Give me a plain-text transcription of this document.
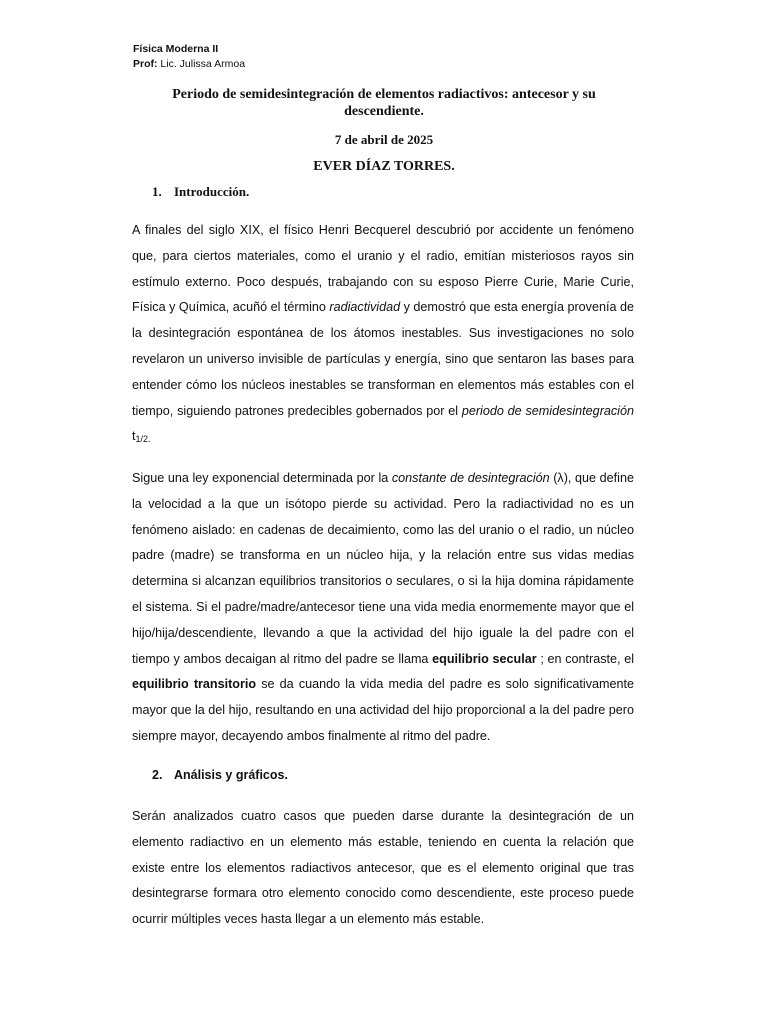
Física Moderna II
Prof: Lic. Julissa Armoa
Periodo de semidesintegración de elementos radiactivos: antecesor y su descendiente.
7 de abril de 2025
EVER DÍAZ TORRES.
1. Introducción.
A finales del siglo XIX, el físico Henri Becquerel descubrió por accidente un fenómeno que, para ciertos materiales, como el uranio y el radio, emitían misteriosos rayos sin estímulo externo. Poco después, trabajando con su esposo Pierre Curie, Marie Curie, Física y Química, acuñó el término radiactividad y demostró que esta energía provenía de la desintegración espontánea de los átomos inestables. Sus investigaciones no solo revelaron un universo invisible de partículas y energía, sino que sentaron las bases para entender cómo los núcleos inestables se transforman en elementos más estables con el tiempo, siguiendo patrones predecibles gobernados por el periodo de semidesintegración $t_{1/2.}$
Sigue una ley exponencial determinada por la constante de desintegración (λ), que define la velocidad a la que un isótopo pierde su actividad. Pero la radiactividad no es un fenómeno aislado: en cadenas de decaimiento, como las del uranio o el radio, un núcleo padre (madre) se transforma en un núcleo hija, y la relación entre sus vidas medias determina si alcanzan equilibrios transitorios o seculares, o si la hija domina rápidamente el sistema. Si el padre/madre/antecesor tiene una vida media enormemente mayor que el hijo/hija/descendiente, llevando a que la actividad del hijo iguale la del padre con el tiempo y ambos decaigan al ritmo del padre se llama equilibrio secular ; en contraste, el equilibrio transitorio se da cuando la vida media del padre es solo significativamente mayor que la del hijo, resultando en una actividad del hijo proporcional a la del padre pero siempre mayor, decayendo ambos finalmente al ritmo del padre.
2. Análisis y gráficos.
Serán analizados cuatro casos que pueden darse durante la desintegración de un elemento radiactivo en un elemento más estable, teniendo en cuenta la relación que existe entre los elementos radiactivos antecesor, que es el elemento original que tras desintegrarse formara otro elemento conocido como descendiente, este proceso puede ocurrir múltiples veces hasta llegar a un elemento más estable.
